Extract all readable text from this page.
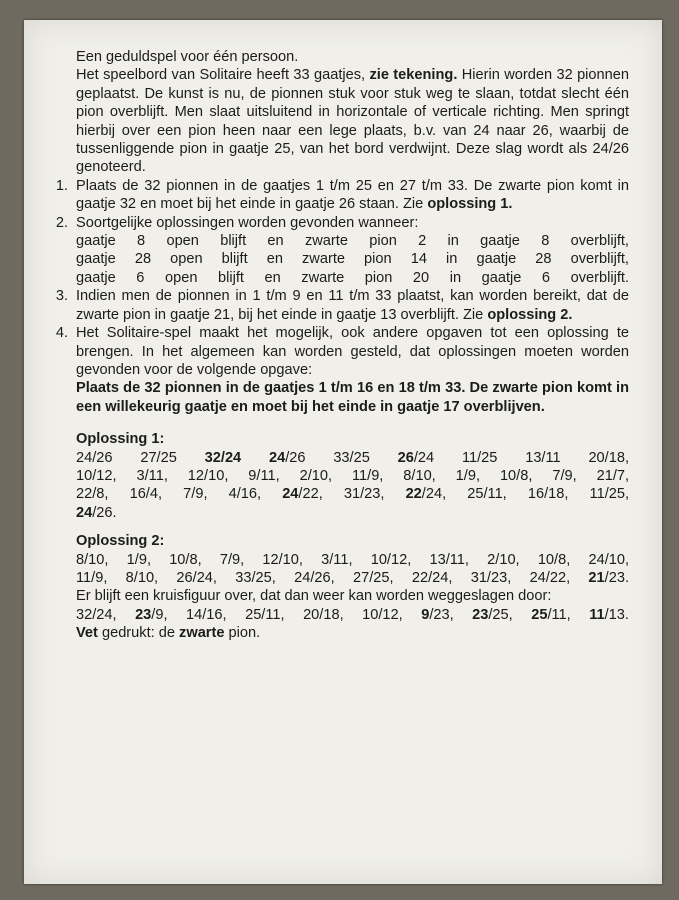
Een geduldspel voor één persoon.
Het speelbord van Solitaire heeft 33 gaatjes, zie tekening. Hierin worden 32 pionnen geplaatst. De kunst is nu, de pionnen stuk voor stuk weg te slaan, totdat slecht één pion overblijft. Men slaat uitsluitend in horizontale of verticale richting. Men springt hierbij over een pion heen naar een lege plaats, b.v. van 24 naar 26, waarbij de tussenliggende pion in gaatje 25, van het bord verdwijnt. Deze slag wordt als 24/26 genoteerd.
1. Plaats de 32 pionnen in de gaatjes 1 t/m 25 en 27 t/m 33. De zwarte pion komt in gaatje 32 en moet bij het einde in gaatje 26 staan. Zie oplossing 1.
2. Soortgelijke oplossingen worden gevonden wanneer:
gaatje 8 open blijft en zwarte pion 2 in gaatje 8 overblijft,
gaatje 28 open blijft en zwarte pion 14 in gaatje 28 overblijft,
gaatje 6 open blijft en zwarte pion 20 in gaatje 6 overblijft.
3. Indien men de pionnen in 1 t/m 9 en 11 t/m 33 plaatst, kan worden bereikt, dat de zwarte pion in gaatje 21, bij het einde in gaatje 13 overblijft. Zie oplossing 2.
4. Het Solitaire-spel maakt het mogelijk, ook andere opgaven tot een oplossing te brengen. In het algemeen kan worden gesteld, dat oplossingen moeten worden gevonden voor de volgende opgave:
Plaats de 32 pionnen in de gaatjes 1 t/m 16 en 18 t/m 33. De zwarte pion komt in een willekeurig gaatje en moet bij het einde in gaatje 17 overblijven.
Oplossing 1:
24/26 27/25 32/24 24/26 33/25 26/24 11/25 13/11 20/18,
10/12, 3/11, 12/10, 9/11, 2/10, 11/9, 8/10, 1/9, 10/8, 7/9, 21/7,
22/8, 16/4, 7/9, 4/16, 24/22, 31/23, 22/24, 25/11, 16/18, 11/25,
24/26.
Oplossing 2:
8/10, 1/9, 10/8, 7/9, 12/10, 3/11, 10/12, 13/11, 2/10, 10/8, 24/10,
11/9, 8/10, 26/24, 33/25, 24/26, 27/25, 22/24, 31/23, 24/22, 21/23.
Er blijft een kruisfiguur over, dat dan weer kan worden weggeslagen door:
32/24, 23/9, 14/16, 25/11, 20/18, 10/12, 9/23, 23/25, 25/11, 11/13.
Vet gedrukt: de zwarte pion.
